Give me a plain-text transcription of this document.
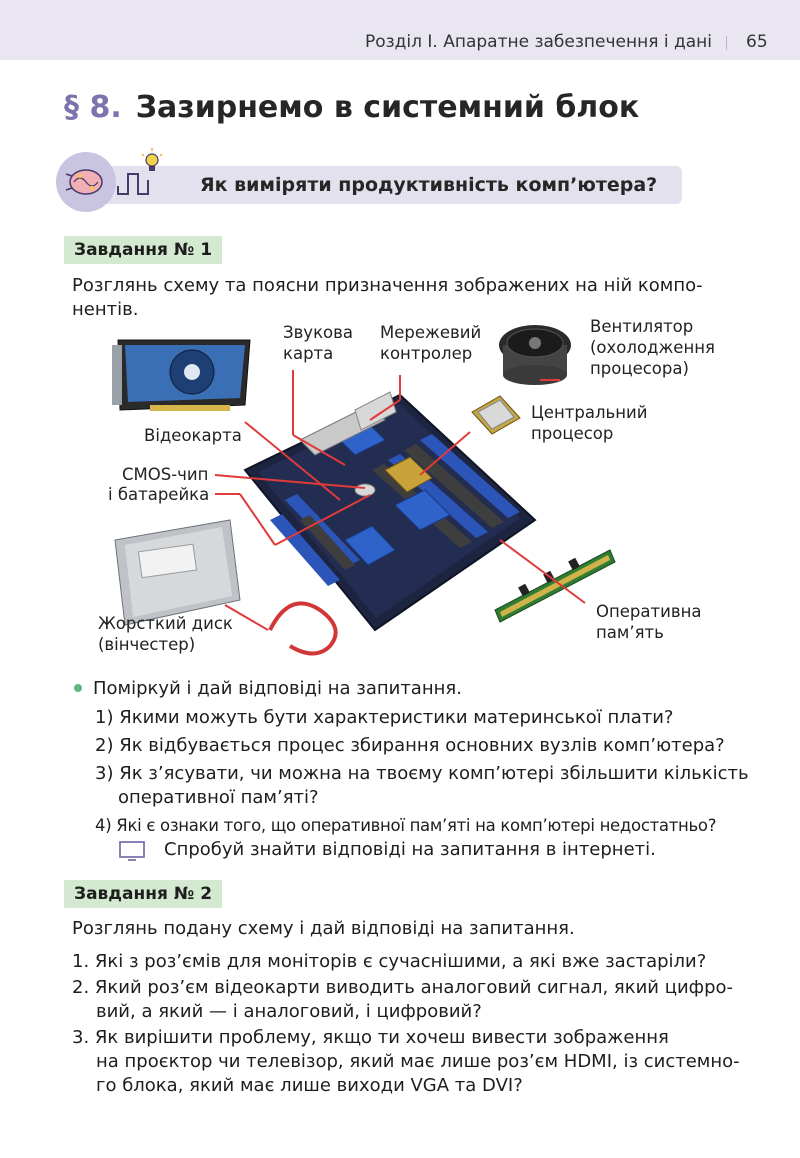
Розділ І. Апаратне забезпечення і дані 65
§ 8. Зазирнемо в системний блок
Як виміряти продуктивність комп’ютера?
Завдання № 1
Розглянь схему та поясни призначення зображених на ній компо-
нентів.
Звукова
карта
Мережевий
контролер
Вентилятор
(охолодження
процесора)
Центральний
процесор
Відеокарта
CMOS-чип
і батарейка
Жорсткий диск
(вінчестер)
Оперативна
пам’ять
Поміркуй і дай відповіді на запитання.
1) Якими можуть бути характеристики материнської плати?
2) Як відбувається процес збирання основних вузлів комп’ютера?
3) Як з’ясувати, чи можна на твоєму комп’ютері збільшити кількість
оперативної пам’яті?
4) Які є ознаки того, що оперативної пам’яті на комп’ютері недостатньо?
Спробуй знайти відповіді на запитання в інтернеті.
Завдання № 2
Розглянь подану схему і дай відповіді на запитання.
1. Які з роз’ємів для моніторів є сучаснішими, а які вже застаріли?
2. Який роз’єм відеокарти виводить аналоговий сигнал, який цифро-
вий, а який — і аналоговий, і цифровий?
3. Як вирішити проблему, якщо ти хочеш вивести зображення
на проєктор чи телевізор, який має лише роз’єм HDMI, із системно-
го блока, який має лише виходи VGA та DVI?
